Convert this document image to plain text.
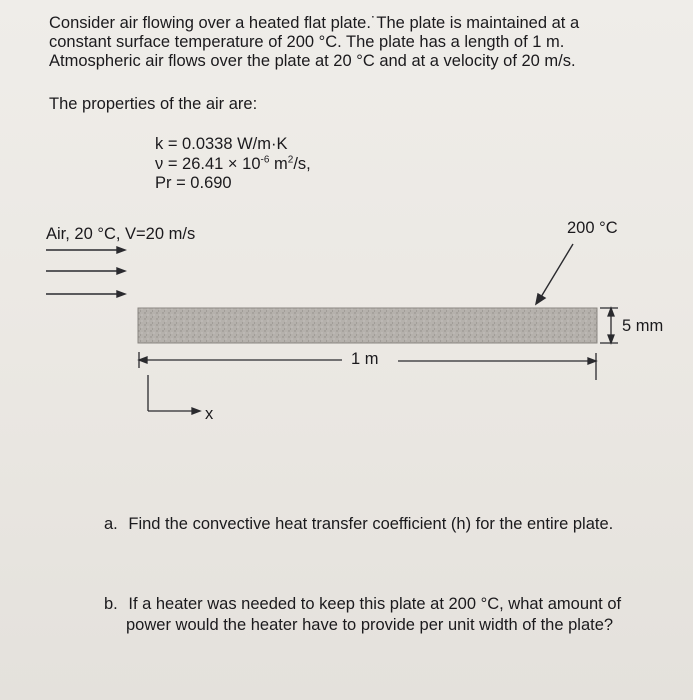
Consider air flowing over a heated flat plate.˙The plate is maintained at a
constant surface temperature of 200 °C. The plate has a length of 1 m.
Atmospheric air flows over the plate at 20 °C and at a velocity of 20 m/s.
The properties of the air are:
k = 0.0338 W/m·K
$\nu = 26.41 \times 10^{-6}$ $m^2/s$,
Pr = 0.690
Air, 20 °C, V=20 m/s	200 °C
5 mm
1 m
x
a. Find the convective heat transfer coefficient (h) for the entire plate.
b. If a heater was needed to keep this plate at 200 °C, what amount of
power would the heater have to provide per unit width of the plate?
